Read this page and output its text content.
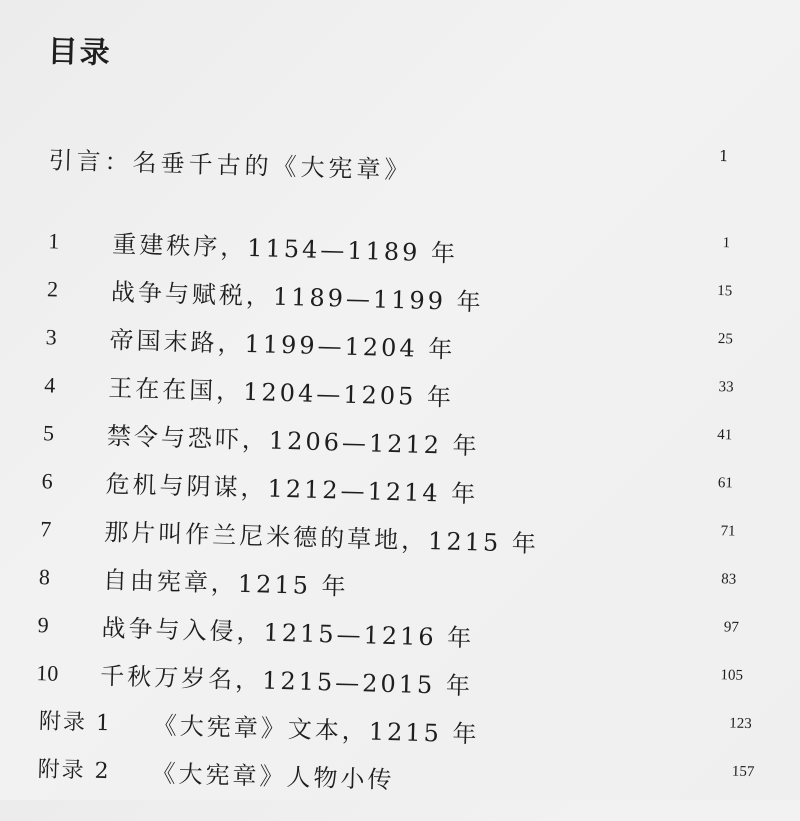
目录
引言：名垂千古的《大宪章》	1
1 重建秩序，1154—1189 年	1
2 战争与赋税，1189—1199 年	15
3 帝国末路，1199—1204 年	25
4 王在在国，1204—1205 年	33
5 禁令与恐吓，1206—1212 年	41
6 危机与阴谋，1212—1214 年	61
7 那片叫作兰尼米德的草地，1215 年	71
8 自由宪章，1215 年	83
9 战争与入侵，1215—1216 年	97
10 千秋万岁名，1215—2015 年	105
附录 1 《大宪章》文本，1215 年	123
附录 2 《大宪章》人物小传	157
